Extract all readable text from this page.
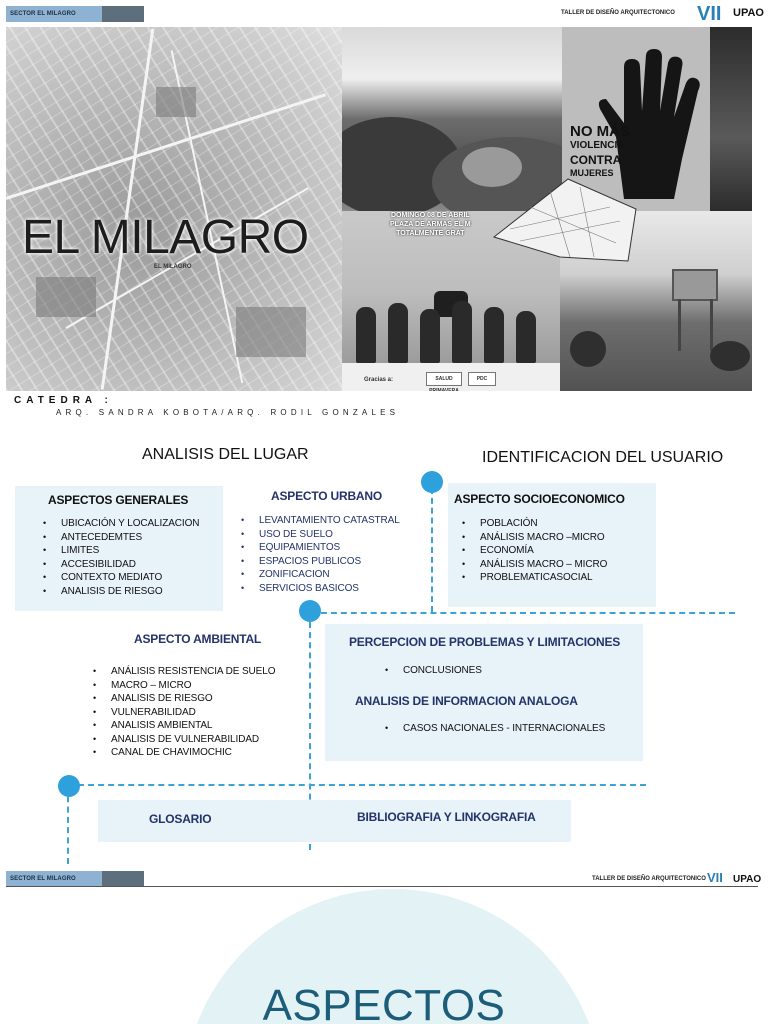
SECTOR EL MILAGRO	TALLER DE DISEÑO ARQUITECTONICO VII UPAO
EL MILAGRO
EL MILAGRO
NO MÁS
VIOLENCIA
CONTRA
MUJERES
DOMINGO 08 DE ABRIL
PLAZA DE ARMAS EL M
TOTALMENTE GRAT
Gracias a:	SALUD PRIMAVERA
PDC
CATEDRA :
ARQ. SANDRA KOBOTA/ARQ. RODIL GONZALES
ANALISIS DEL LUGAR	IDENTIFICACION DEL USUARIO
ASPECTOS GENERALES
• UBICACIÓN Y LOCALIZACION
• ANTECEDEMTES
• LIMITES
• ACCESIBILIDAD
• CONTEXTO MEDIATO
• ANALISIS DE RIESGO
ASPECTO URBANO
• LEVANTAMIENTO CATASTRAL
• USO DE SUELO
• EQUIPAMIENTOS
• ESPACIOS PUBLICOS
• ZONIFICACION
• SERVICIOS BASICOS
ASPECTO SOCIOECONOMICO
• POBLACIÓN
• ANÁLISIS MACRO –MICRO
• ECONOMÍA
• ANÁLISIS MACRO – MICRO
• PROBLEMATICASOCIAL
ASPECTO AMBIENTAL
• ANÁLISIS RESISTENCIA DE SUELO
• MACRO – MICRO
• ANALISIS DE RIESGO
• VULNERABILIDAD
• ANALISIS AMBIENTAL
• ANALISIS DE VULNERABILIDAD
• CANAL DE CHAVIMOCHIC
PERCEPCION DE PROBLEMAS Y LIMITACIONES
• CONCLUSIONES
ANALISIS DE INFORMACION ANALOGA
• CASOS NACIONALES - INTERNACIONALES
GLOSARIO	BIBLIOGRAFIA Y LINKOGRAFIA
SECTOR EL MILAGRO	TALLER DE DISEÑO ARQUITECTONICO VII UPAO
ASPECTOS
